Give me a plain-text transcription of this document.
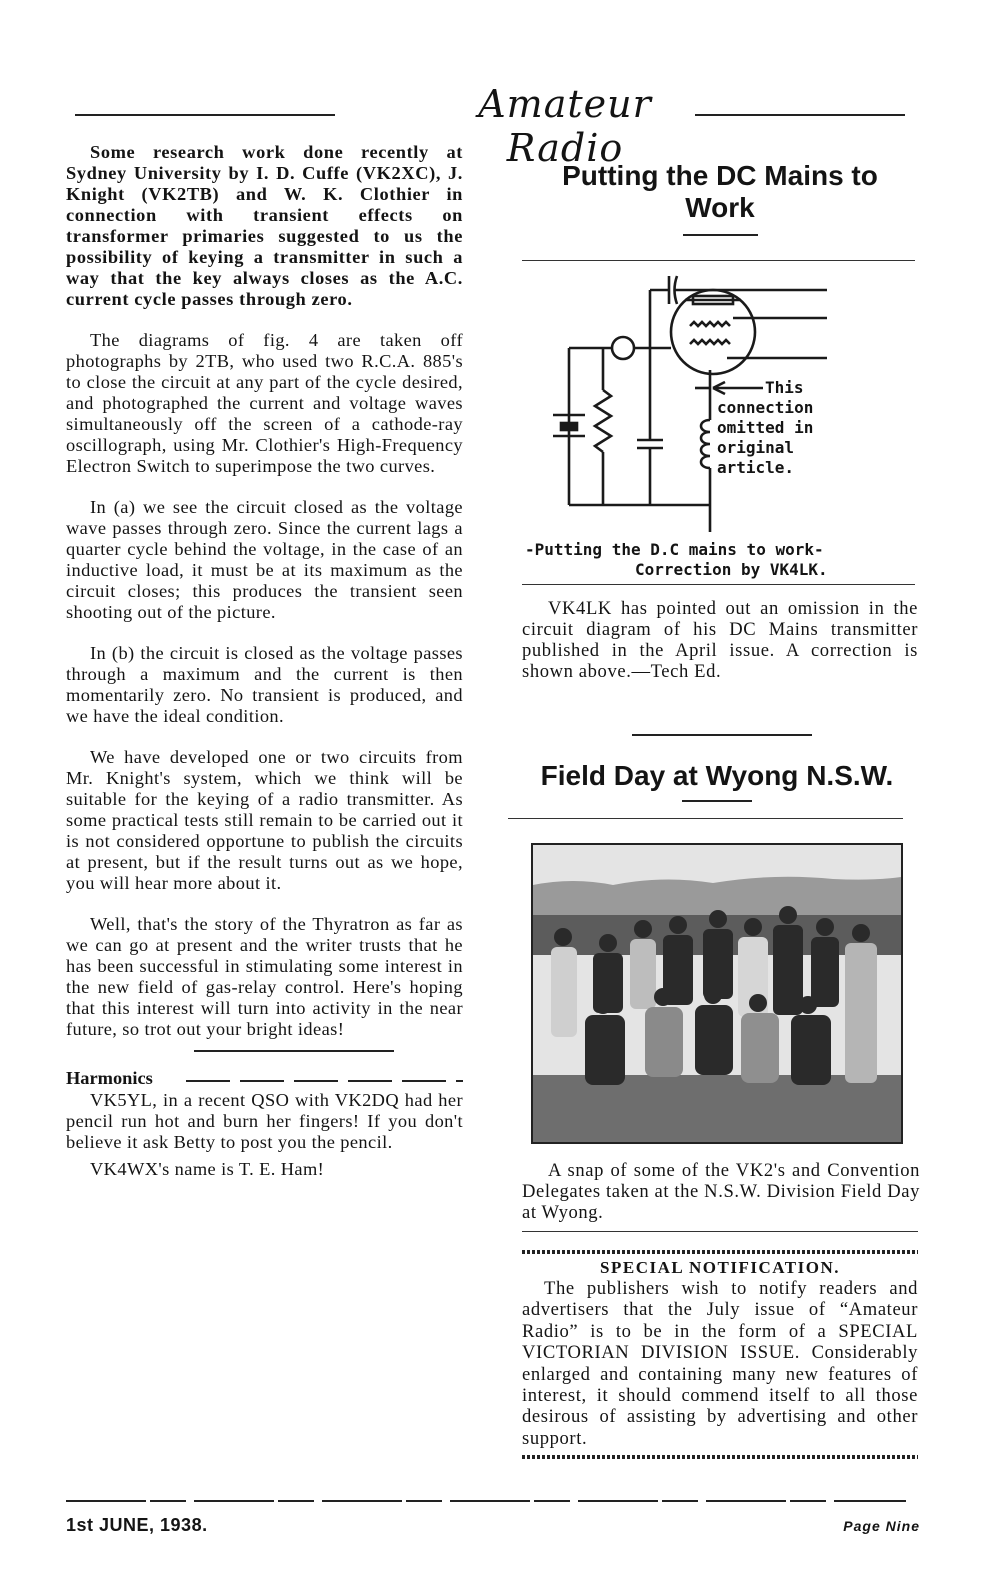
Amateur Radio

Some research work done recently at Sydney University by I. D. Cuffe (VK2XC), J. Knight (VK2TB) and W. K. Clothier in connection with transient effects on transformer primaries suggested to us the possibility of keying a transmitter in such a way that the key always closes as the A.C. current cycle passes through zero.

The diagrams of fig. 4 are taken off photographs by 2TB, who used two R.C.A. 885's to close the circuit at any part of the cycle desired, and photographed the current and voltage waves simultaneously off the screen of a cathode-ray oscillograph, using Mr. Clothier's High-Frequency Electron Switch to superimpose the two curves.

In (a) we see the circuit closed as the voltage wave passes through zero. Since the current lags a quarter cycle behind the voltage, in the case of an inductive load, it must be at its maximum as the circuit closes; this produces the transient seen shooting out of the picture.

In (b) the circuit is closed as the voltage passes through a maximum and the current is then momentarily zero. No transient is produced, and we have the ideal condition.

We have developed one or two circuits from Mr. Knight's system, which we think will be suitable for the keying of a radio transmitter. As some practical tests still remain to be carried out it is not considered opportune to publish the circuits at present, but if the result turns out as we hope, you will hear more about it.

Well, that's the story of the Thyratron as far as we can go at present and the writer trusts that he has been successful in stimulating some interest in the new field of gas-relay control. Here's hoping that this interest will turn into activity in the near future, so trot out your bright ideas!

Harmonics

VK5YL, in a recent QSO with VK2DQ had her pencil run hot and burn her fingers! If you don't believe it ask Betty to post you the pencil.

VK4WX's name is T. E. Ham!

Putting the DC Mains to Work
This
connection
omitted in
original
article.
-Putting the D.C mains to work-
Correction by VK4LK.

VK4LK has pointed out an omission in the circuit diagram of his DC Mains transmitter published in the April issue. A correction is shown above.—Tech Ed.

Field Day at Wyong N.S.W.

A snap of some of the VK2's and Convention Delegates taken at the N.S.W. Division Field Day at Wyong.

SPECIAL NOTIFICATION.

The publishers wish to notify readers and advertisers that the July issue of “Amateur Radio” is to be in the form of a SPECIAL VICTORIAN DIVISION ISSUE. Considerably enlarged and containing many new features of interest, it should commend itself to all those desirous of assisting by advertising and other support.

1st JUNE, 1938.	Page Nine
